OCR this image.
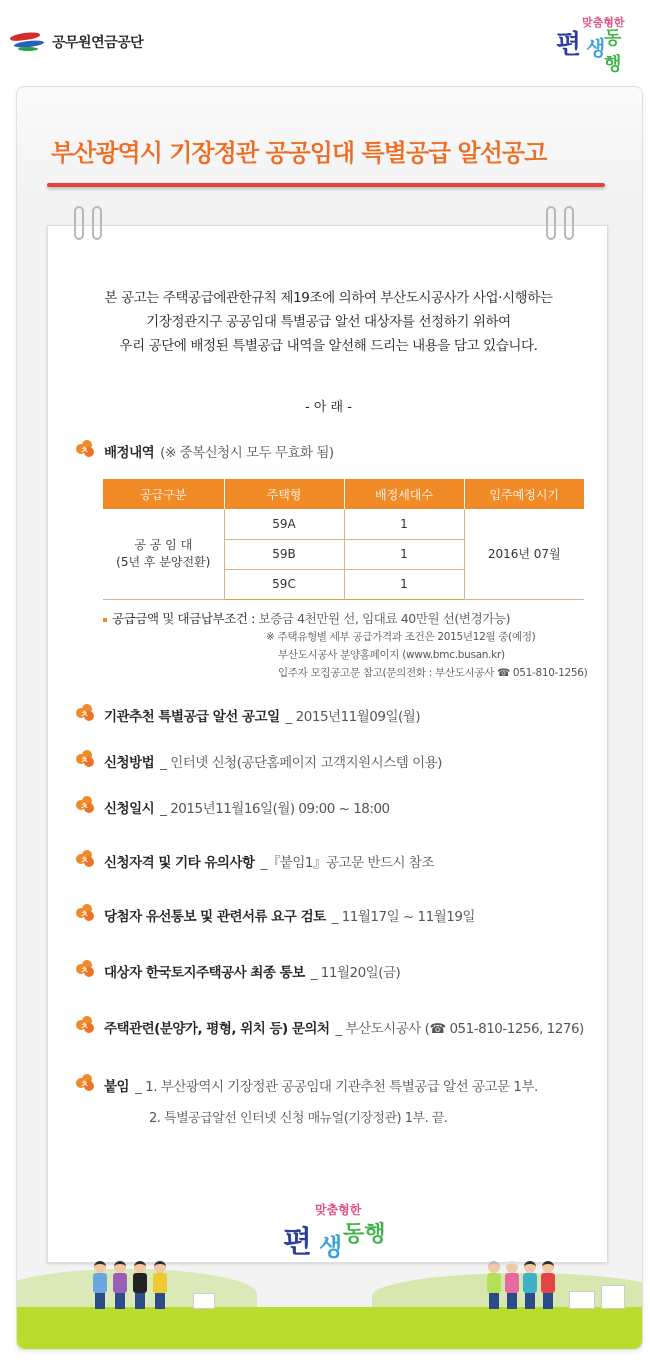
공무원연금공단
맞춤형한
편 생
동행
부산광역시 기장정관 공공임대 특별공급 알선공고
본 공고는 주택공급에관한규칙 제19조에 의하여 부산도시공사가 사업·시행하는
기장정관지구 공공임대 특별공급 알선 대상자를 선정하기 위하여
우리 공단에 배정된 특별공급 내역을 알선해 드리는 내용을 담고 있습니다.
- 아 래 -
ㅊ 배정내역 (※ 중복신청시 모두 무효화 됨)
공급구분	주택형	배정세대수	입주예정시기

공 공 임 대
(5년 후 분양전환)	59A	1	2016년 07월
	59B	1	
	59C	1	
공급금액 및 대금납부조건 : 보증금 4천만원 선, 임대료 40만원 선(변경가능)
※ 주택유형별 세부 공급가격과 조건은 2015년12월 중(예정)
부산도시공사 분양홈페이지 (www.bmc.busan.kr)
입주자 모집공고문 참고(문의전화 : 부산도시공사 ☎ 051-810-1256)
ㅊ 기관추천 특별공급 알선 공고일 _ 2015년11월09일(월)
ㅊ 신청방법 _ 인터넷 신청(공단홈페이지 고객지원시스템 이용)
ㅊ 신청일시 _ 2015년11월16일(월) 09:00 ~ 18:00
ㅊ 신청자격 및 기타 유의사항 _『붙임1』공고문 반드시 참조
ㅊ 당첨자 유선통보 및 관련서류 요구 검토 _ 11월17일 ~ 11월19일
ㅊ 대상자 한국토지주택공사 최종 통보 _ 11월20일(금)
ㅊ 주택관련(분양가, 평형, 위치 등) 문의처 _ 부산도시공사 (☎ 051-810-1256, 1276)
ㅊ 붙임 _ 1. 부산광역시 기장정관 공공임대 기관추천 특별공급 알선 공고문 1부.
2. 특별공급알선 인터넷 신청 매뉴얼(기장정관) 1부. 끝.
맞춤형한
편 생 동행
